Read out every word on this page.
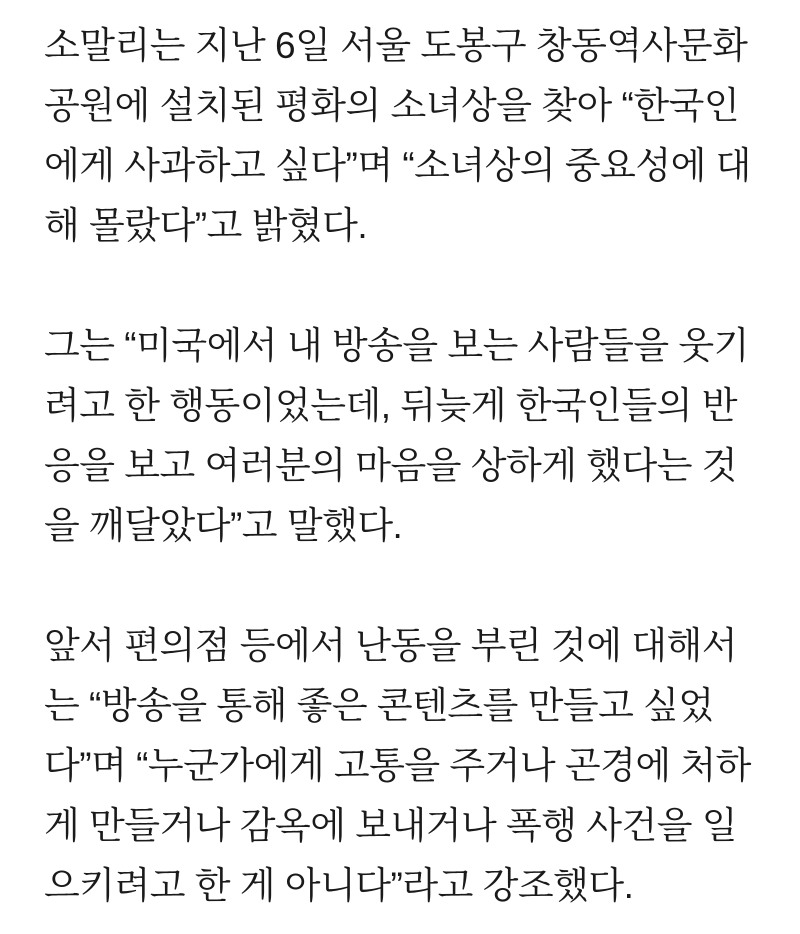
소말리는 지난 6일 서울 도봉구 창동역사문화공원에 설치된 평화의 소녀상을 찾아 “한국인에게 사과하고 싶다”며 “소녀상의 중요성에 대해 몰랐다”고 밝혔다.

그는 “미국에서 내 방송을 보는 사람들을 웃기려고 한 행동이었는데, 뒤늦게 한국인들의 반응을 보고 여러분의 마음을 상하게 했다는 것을 깨달았다”고 말했다.

앞서 편의점 등에서 난동을 부린 것에 대해서는 “방송을 통해 좋은 콘텐츠를 만들고 싶었다”며 “누군가에게 고통을 주거나 곤경에 처하게 만들거나 감옥에 보내거나 폭행 사건을 일으키려고 한 게 아니다”라고 강조했다.
